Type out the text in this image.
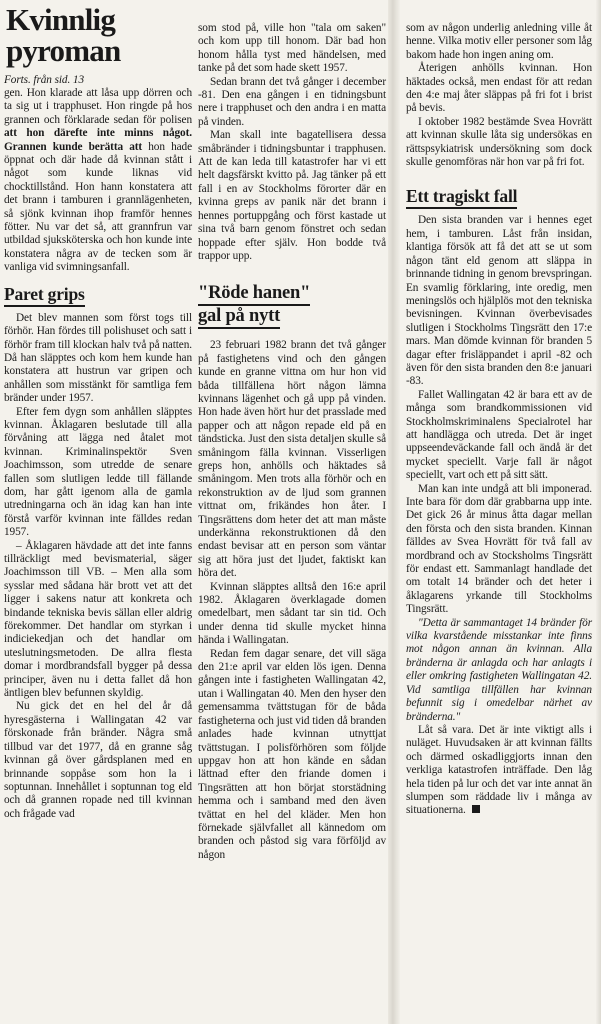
Kvinnlig
pyroman

Forts. från sid. 13

gen. Hon klarade att låsa upp dörren och ta sig ut i trapphuset. Hon ringde på hos grannen och förklarade sedan för polisen att hon därefte inte minns något. Grannen kunde berätta att hon hade öppnat och där hade då kvinnan stått i något som kunde liknas vid chocktillstånd. Hon hann konstatera att det brann i tamburen i grannlägenheten, så sjönk kvinnan ihop framför hennes fötter. Nu var det så, att grannfrun var utbildad sjuksköterska och hon kunde inte konstatera några av de tecken som är vanliga vid svimningsanfall.

Paret grips

Det blev mannen som först togs till förhör. Han fördes till polishuset och satt i förhör fram till klockan halv två på natten. Då han släpptes och kom hem kunde han konstatera att hustrun var gripen och anhållen som misstänkt för samtliga fem bränder under 1957.

Efter fem dygn som anhållen släpptes kvinnan. Åklagaren beslutade till alla förvåning att lägga ned åtalet mot kvinnan. Kriminalinspektör Sven Joachimsson, som utredde de senare fallen som slutligen ledde till fällande dom, har gått igenom alla de gamla utredningarna och än idag kan han inte förstå varför kvinnan inte fälldes redan 1957.

– Åklagaren hävdade att det inte fanns tillräckligt med bevismaterial, säger Joachimsson till VB. – Men alla som sysslar med sådana här brott vet att det ligger i sakens natur att konkreta och bindande tekniska bevis sällan eller aldrig förekommer. Det handlar om styrkan i indiciekedjan och det handlar om uteslutningsmetoden. De allra flesta domar i mordbrandsfall bygger på dessa principer, även nu i detta fallet då hon äntligen blev befunnen skyldig.

Nu gick det en hel del år då hyresgästerna i Wallingatan 42 var förskonade från bränder. Några små tillbud var det 1977, då en granne såg kvinnan gå över gårdsplanen med en brinnande soppåse som hon la i soptunnan. Innehållet i soptunnan tog eld och då grannen ropade ned till kvinnan och frågade vad

som stod på, ville hon "tala om saken" och kom upp till honom. Där bad hon honom hålla tyst med händelsen, med tanke på det som hade skett 1957.

Sedan brann det två gånger i december -81. Den ena gången i en tidningsbunt nere i trapphuset och den andra i en matta på vinden.

Man skall inte bagatellisera dessa småbränder i tidningsbuntar i trapphusen. Att de kan leda till katastrofer har vi ett helt dagsfärskt kvitto på. Jag tänker på ett fall i en av Stockholms förorter där en kvinna greps av panik när det brann i hennes portuppgång och först kastade ut sina två barn genom fönstret och sedan hoppade efter själv. Hon bodde två trappor upp.

"Röde hanen"
gal på nytt

23 februari 1982 brann det två gånger på fastighetens vind och den gången kunde en granne vittna om hur hon vid båda tillfällena hört någon lämna kvinnans lägenhet och gå upp på vinden. Hon hade även hört hur det prasslade med papper och att någon repade eld på en tändsticka. Just den sista detaljen skulle så småningom fälla kvinnan. Visserligen greps hon, anhölls och häktades så småningom. Men trots alla förhör och en rekonstruktion av de ljud som grannen vittnat om, frikändes hon åter. I Tingsrättens dom heter det att man måste underkänna rekonstruktionen då den endast bevisar att en person som väntar sig att höra just det ljudet, faktiskt kan höra det.

Kvinnan släpptes alltså den 16:e april 1982. Åklagaren överklagade domen omedelbart, men sådant tar sin tid. Och under denna tid skulle mycket hinna hända i Wallingatan.

Redan fem dagar senare, det vill säga den 21:e april var elden lös igen. Denna gången inte i fastigheten Wallingatan 42, utan i Wallingatan 40. Men den hyser den gemensamma tvättstugan för de båda fastigheterna och just vid tiden då branden anlades hade kvinnan utnyttjat tvättstugan. I polisförhören som följde uppgav hon att hon kände en sådan lättnad efter den friande domen i Tingsrätten att hon börjat storstädning hemma och i samband med den även tvättat en hel del kläder. Men hon förnekade självfallet all kännedom om branden och påstod sig vara förföljd av någon

som av någon underlig anledning ville åt henne. Vilka motiv eller personer som låg bakom hade hon ingen aning om.

Återigen anhölls kvinnan. Hon häktades också, men endast för att redan den 4:e maj åter släppas på fri fot i brist på bevis.

I oktober 1982 bestämde Svea Hovrätt att kvinnan skulle låta sig undersökas en rättspsykiatrisk undersökning som dock skulle genomföras när hon var på fri fot.

Ett tragiskt fall

Den sista branden var i hennes eget hem, i tamburen. Låst från insidan, klantiga försök att få det att se ut som någon tänt eld genom att släppa in brinnande tidning in genom brevspringan. En svamlig förklaring, inte oredig, men meningslös och hjälplös mot den tekniska bevisningen. Kvinnan överbevisades slutligen i Stockholms Tingsrätt den 17:e mars. Man dömde kvinnan för branden 5 dagar efter frisläppandet i april -82 och även för den sista branden den 8:e januari -83.

Fallet Wallingatan 42 är bara ett av de många som brandkommissionen vid Stockholmskriminalens Specialrotel har att handlägga och utreda. Det är inget uppseendeväckande fall och ändå är det mycket speciellt. Varje fall är något speciellt, vart och ett på sitt sätt.

Man kan inte undgå att bli imponerad. Inte bara för dom där grabbarna upp inte. Det gick 26 år minus åtta dagar mellan den första och den sista branden. Kinnan fälldes av Svea Hovrätt för två fall av mordbrand och av Stocksholms Tingsrätt för endast ett. Sammanlagt handlade det om totalt 14 bränder och det heter i åklagarens yrkande till Stockholms Tingsrätt.

"Detta är sammantaget 14 bränder för vilka kvarstående misstankar inte finns mot någon annan än kvinnan. Alla bränderna är anlagda och har anlagts i eller omkring fastigheten Wallingatan 42. Vid samtliga tillfällen har kvinnan befunnit sig i omedelbar närhet av bränderna."

Låt så vara. Det är inte viktigt alls i nuläget. Huvudsaken är att kvinnan fällts och därmed oskadliggjorts innan den verkliga katastrofen inträffade. Den låg hela tiden på lur och det var inte annat än slumpen som räddade liv i många av situationerna.
